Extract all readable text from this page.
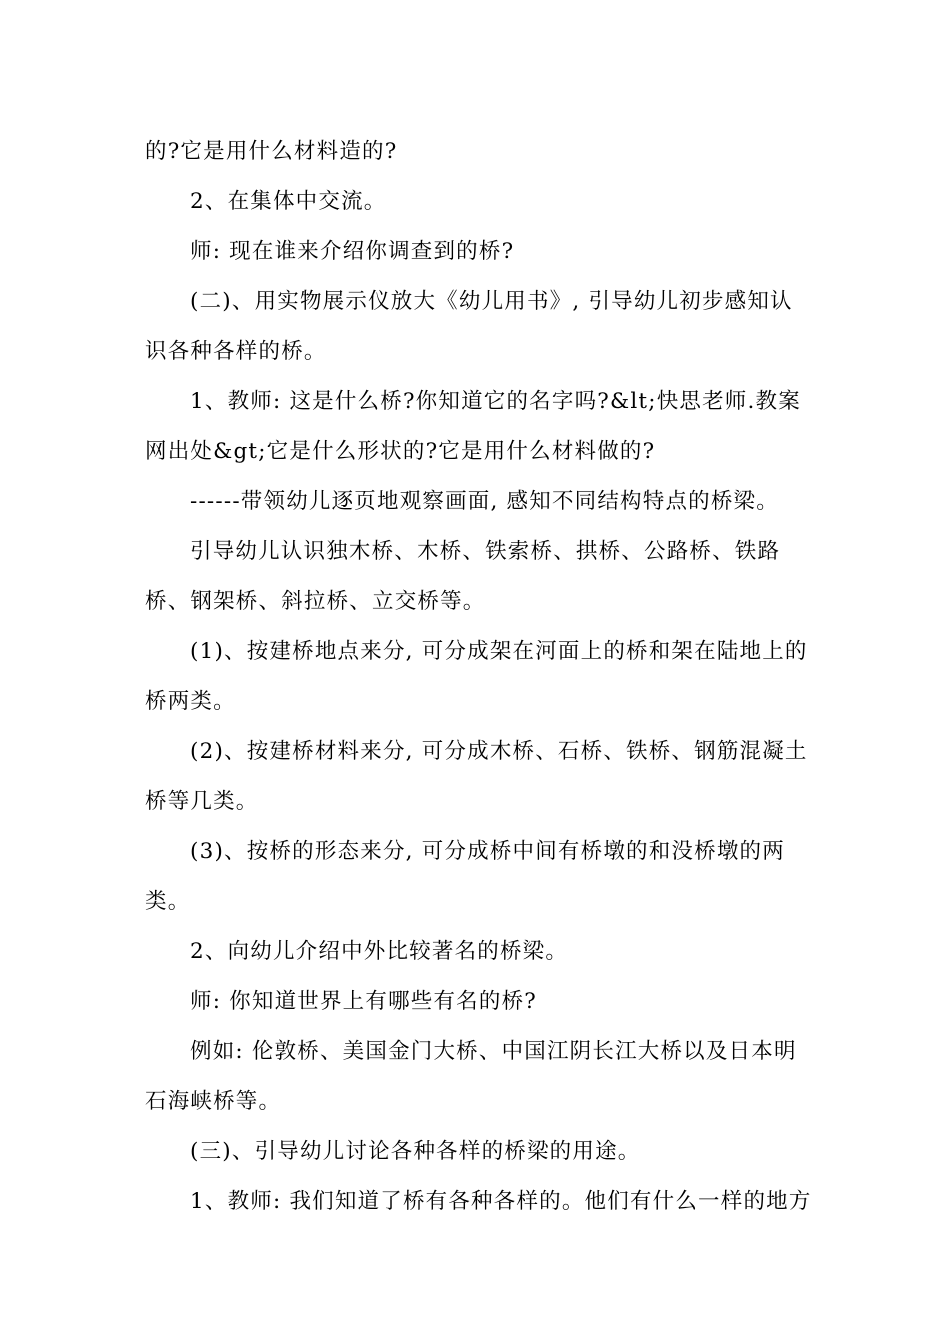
的?它是用什么材料造的?
2、在集体中交流。
师: 现在谁来介绍你调查到的桥?
(二)、用实物展示仪放大《幼儿用书》, 引导幼儿初步感知认
识各种各样的桥。
1、教师: 这是什么桥?你知道它的名字吗?&lt;快思老师.教案
网出处&gt;它是什么形状的?它是用什么材料做的?
------带领幼儿逐页地观察画面, 感知不同结构特点的桥梁。
引导幼儿认识独木桥、木桥、铁索桥、拱桥、公路桥、铁路
桥、钢架桥、斜拉桥、立交桥等。
(1)、按建桥地点来分, 可分成架在河面上的桥和架在陆地上的
桥两类。
(2)、按建桥材料来分, 可分成木桥、石桥、铁桥、钢筋混凝土
桥等几类。
(3)、按桥的形态来分, 可分成桥中间有桥墩的和没桥墩的两
类。
2、向幼儿介绍中外比较著名的桥梁。
师: 你知道世界上有哪些有名的桥?
例如: 伦敦桥、美国金门大桥、中国江阴长江大桥以及日本明
石海峡桥等。
(三)、引导幼儿讨论各种各样的桥梁的用途。
1、教师: 我们知道了桥有各种各样的。他们有什么一样的地方
